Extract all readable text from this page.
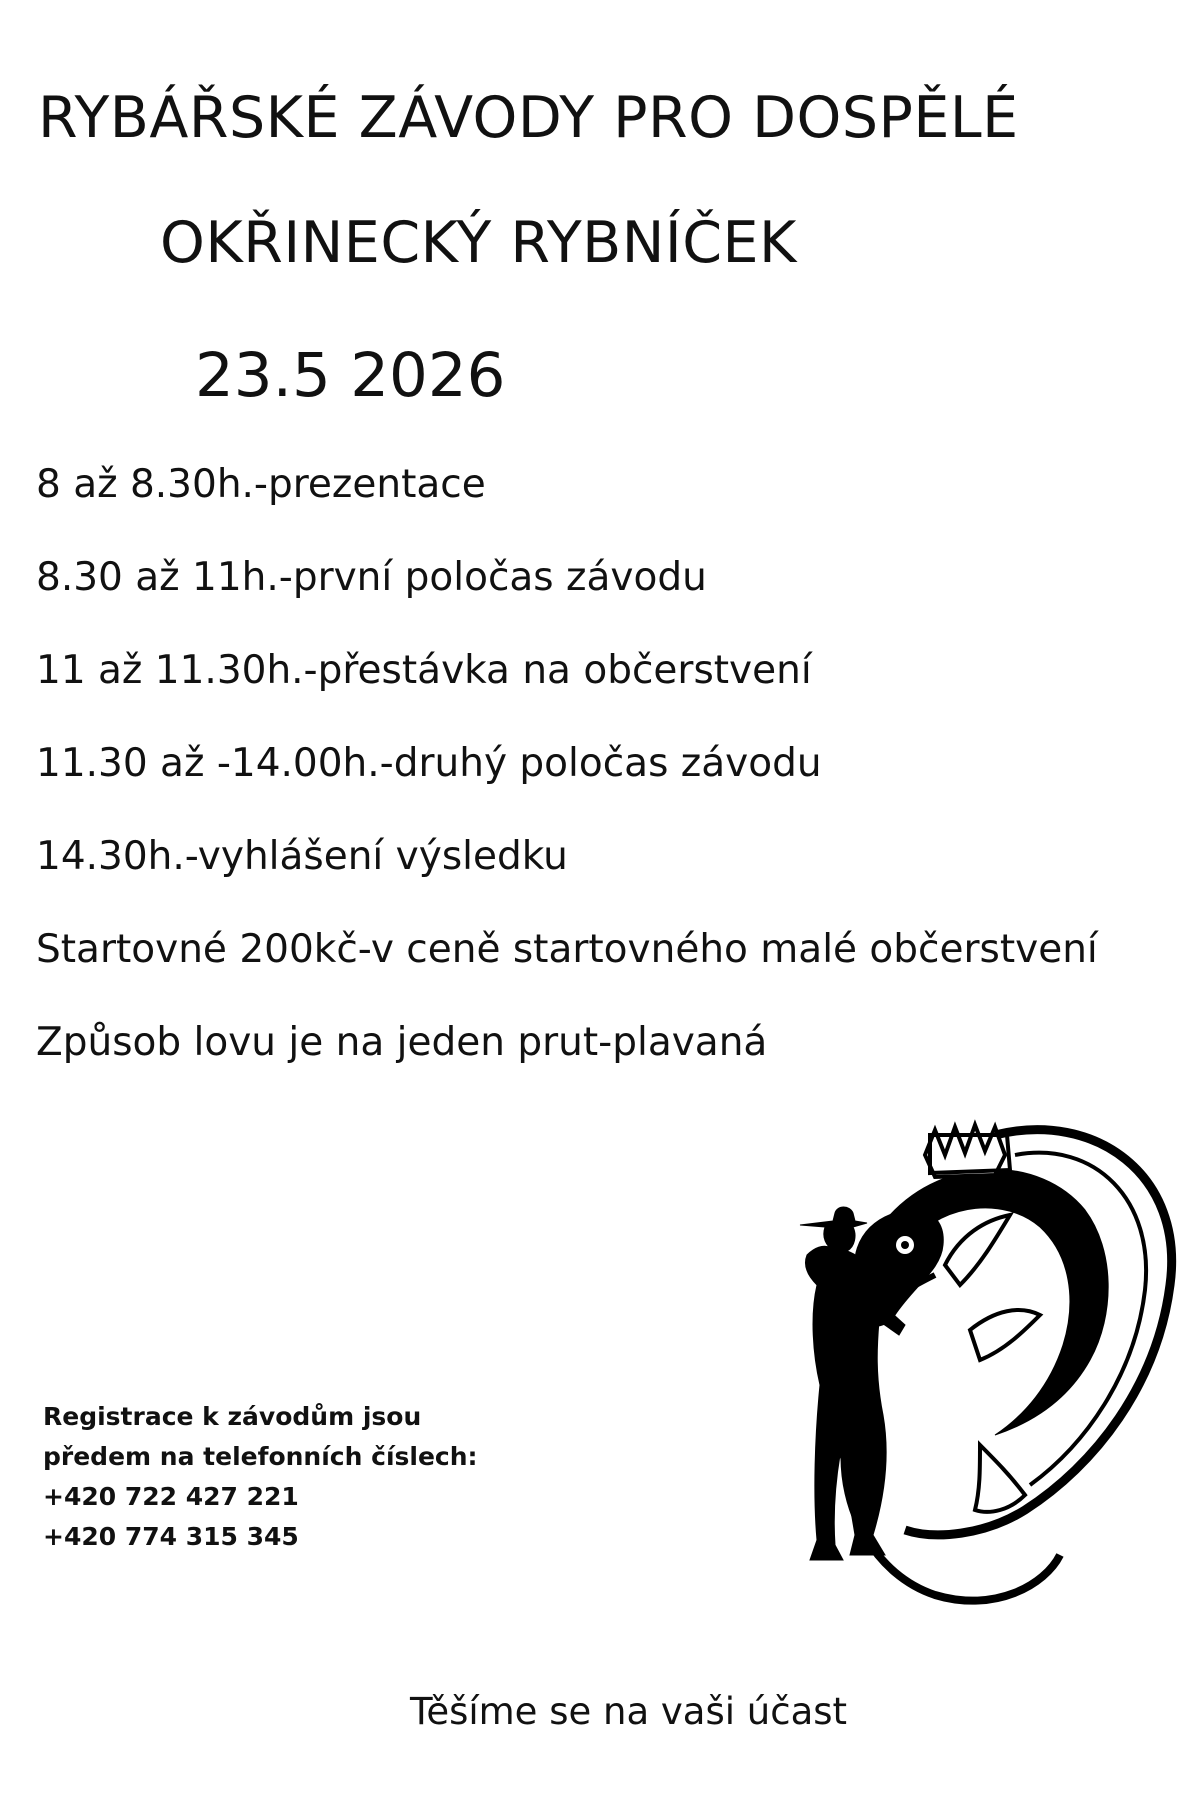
RYBÁŘSKÉ ZÁVODY PRO DOSPĚLÉ
OKŘINECKÝ RYBNÍČEK
23.5 2026
8 až 8.30h.-prezentace
8.30 až 11h.-první poločas závodu
11 až 11.30h.-přestávka na občerstvení
11.30 až -14.00h.-druhý poločas závodu
14.30h.-vyhlášení výsledku
Startovné 200kč-v ceně startovného malé občerstvení
Způsob lovu je na jeden prut-plavaná
Registrace k závodům jsou
předem na telefonních číslech:
+420 722 427 221
+420 774 315 345
Těšíme se na vaši účast
